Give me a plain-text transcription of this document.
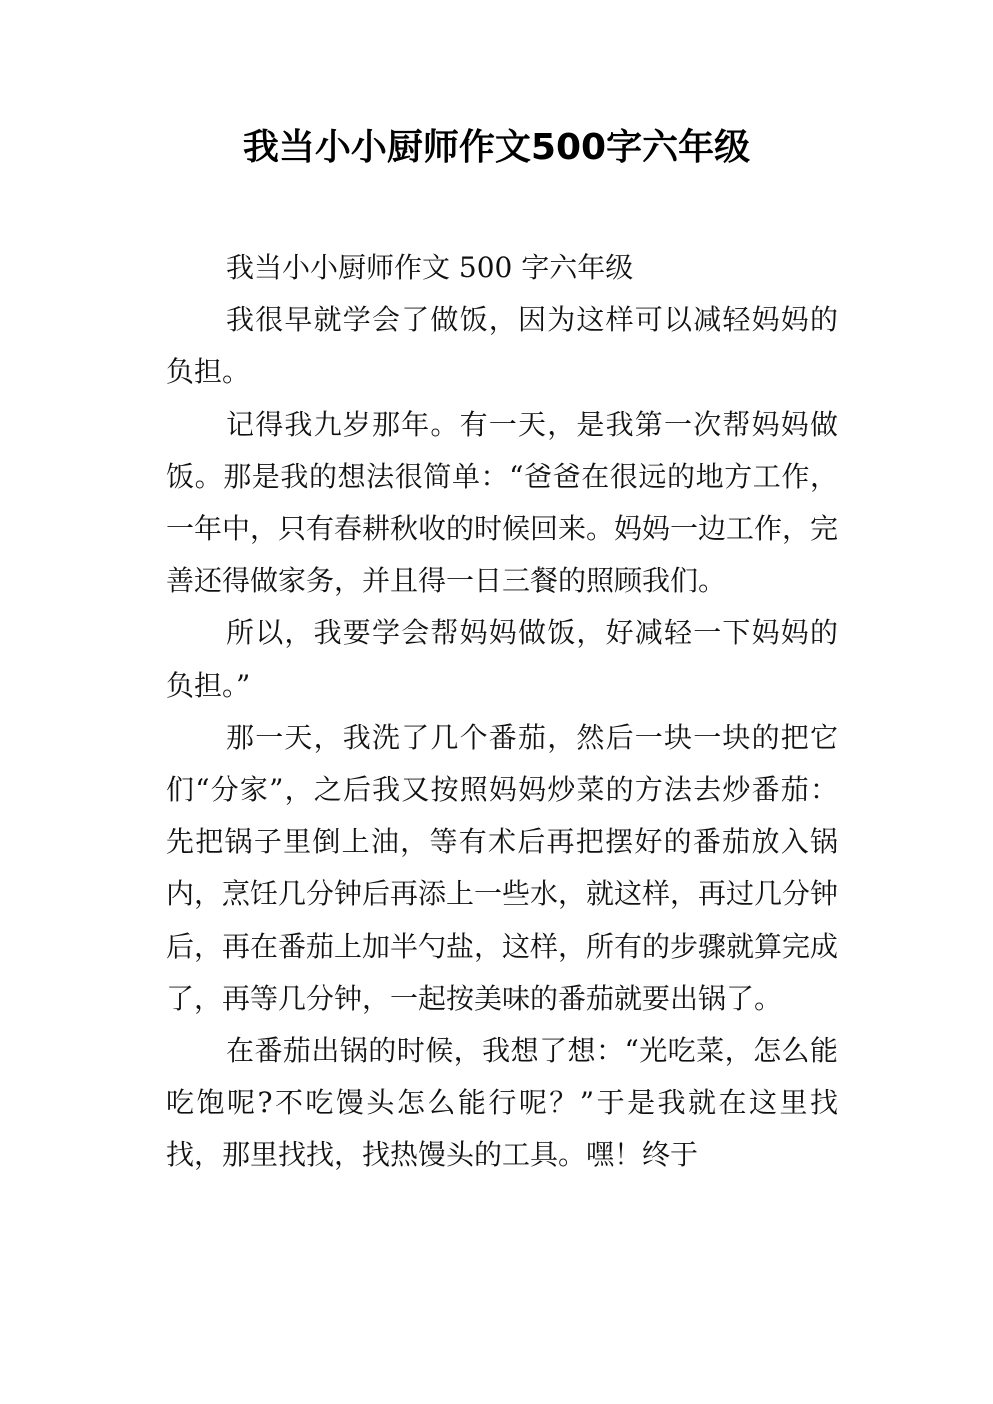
我当小小厨师作文500字六年级

我当小小厨师作文 500 字六年级

我很早就学会了做饭，因为这样可以减轻妈妈的负担。

记得我九岁那年。有一天，是我第一次帮妈妈做饭。那是我的想法很简单：“爸爸在很远的地方工作，一年中，只有春耕秋收的时候回来。妈妈一边工作，完善还得做家务，并且得一日三餐的照顾我们。

所以，我要学会帮妈妈做饭，好减轻一下妈妈的负担。”

那一天，我洗了几个番茄，然后一块一块的把它们“分家”，之后我又按照妈妈炒菜的方法去炒番茄：先把锅子里倒上油，等有术后再把摆好的番茄放入锅内，烹饪几分钟后再添上一些水，就这样，再过几分钟后，再在番茄上加半勺盐，这样，所有的步骤就算完成了，再等几分钟，一起按美味的番茄就要出锅了。

在番茄出锅的时候，我想了想：“光吃菜，怎么能吃饱呢?不吃馒头怎么能行呢？”于是我就在这里找找，那里找找，找热馒头的工具。嘿！终于
